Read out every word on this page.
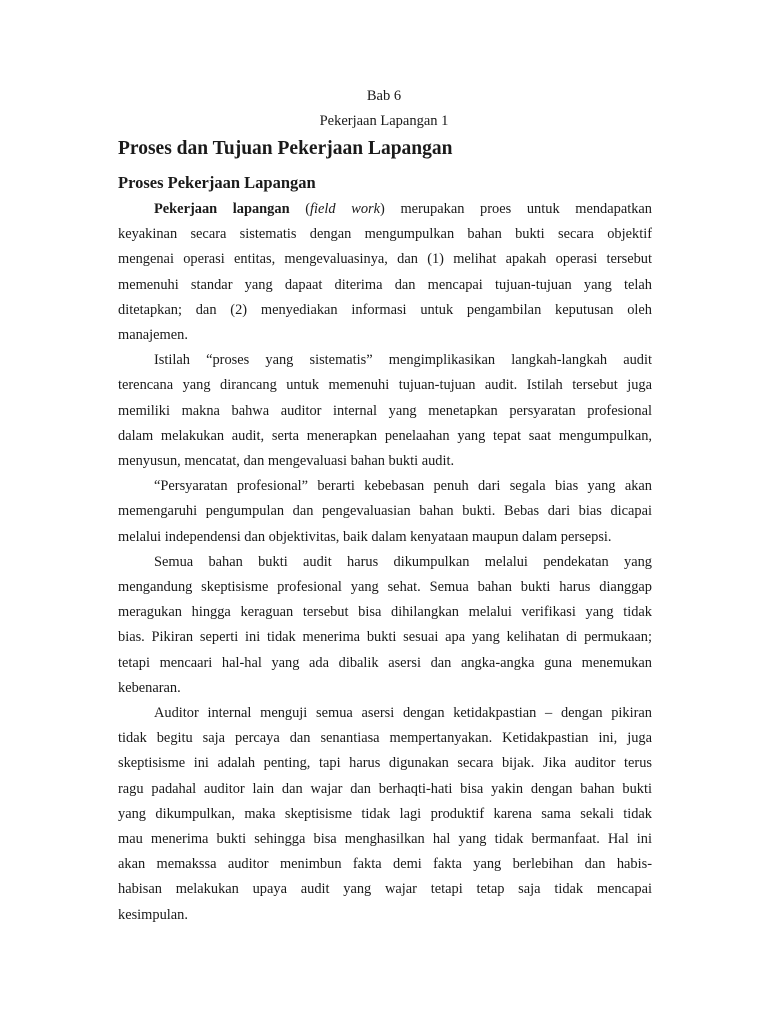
Bab 6
Pekerjaan Lapangan 1
Proses dan Tujuan Pekerjaan Lapangan
Proses Pekerjaan Lapangan
Pekerjaan lapangan (field work) merupakan proes untuk mendapatkan
keyakinan secara sistematis dengan mengumpulkan bahan bukti secara objektif
mengenai operasi entitas, mengevaluasinya, dan (1) melihat apakah operasi tersebut
memenuhi standar yang dapaat diterima dan mencapai tujuan-tujuan yang telah
ditetapkan; dan (2) menyediakan informasi untuk pengambilan keputusan oleh
manajemen.
Istilah “proses yang sistematis” mengimplikasikan langkah-langkah audit
terencana yang dirancang untuk memenuhi tujuan-tujuan audit. Istilah tersebut juga
memiliki makna bahwa auditor internal yang menetapkan persyaratan profesional
dalam melakukan audit, serta menerapkan penelaahan yang tepat saat mengumpulkan,
menyusun, mencatat, dan mengevaluasi bahan bukti audit.
“Persyaratan profesional” berarti kebebasan penuh dari segala bias yang akan
memengaruhi pengumpulan dan pengevaluasian bahan bukti. Bebas dari bias dicapai
melalui independensi dan objektivitas, baik dalam kenyataan maupun dalam persepsi.
Semua bahan bukti audit harus dikumpulkan melalui pendekatan yang
mengandung skeptisisme profesional yang sehat. Semua bahan bukti harus dianggap
meragukan hingga keraguan tersebut bisa dihilangkan melalui verifikasi yang tidak
bias. Pikiran seperti ini tidak menerima bukti sesuai apa yang kelihatan di permukaan;
tetapi mencaari hal-hal yang ada dibalik asersi dan angka-angka guna menemukan
kebenaran.
Auditor internal menguji semua asersi dengan ketidakpastian – dengan pikiran
tidak begitu saja percaya dan senantiasa mempertanyakan. Ketidakpastian ini, juga
skeptisisme ini adalah penting, tapi harus digunakan secara bijak. Jika auditor terus
ragu padahal auditor lain dan wajar dan berhaqti-hati bisa yakin dengan bahan bukti
yang dikumpulkan, maka skeptisisme tidak lagi produktif karena sama sekali tidak
mau menerima bukti sehingga bisa menghasilkan hal yang tidak bermanfaat. Hal ini
akan memakssa auditor menimbun fakta demi fakta yang berlebihan dan habis-
habisan melakukan upaya audit yang wajar tetapi tetap saja tidak mencapai
kesimpulan.
